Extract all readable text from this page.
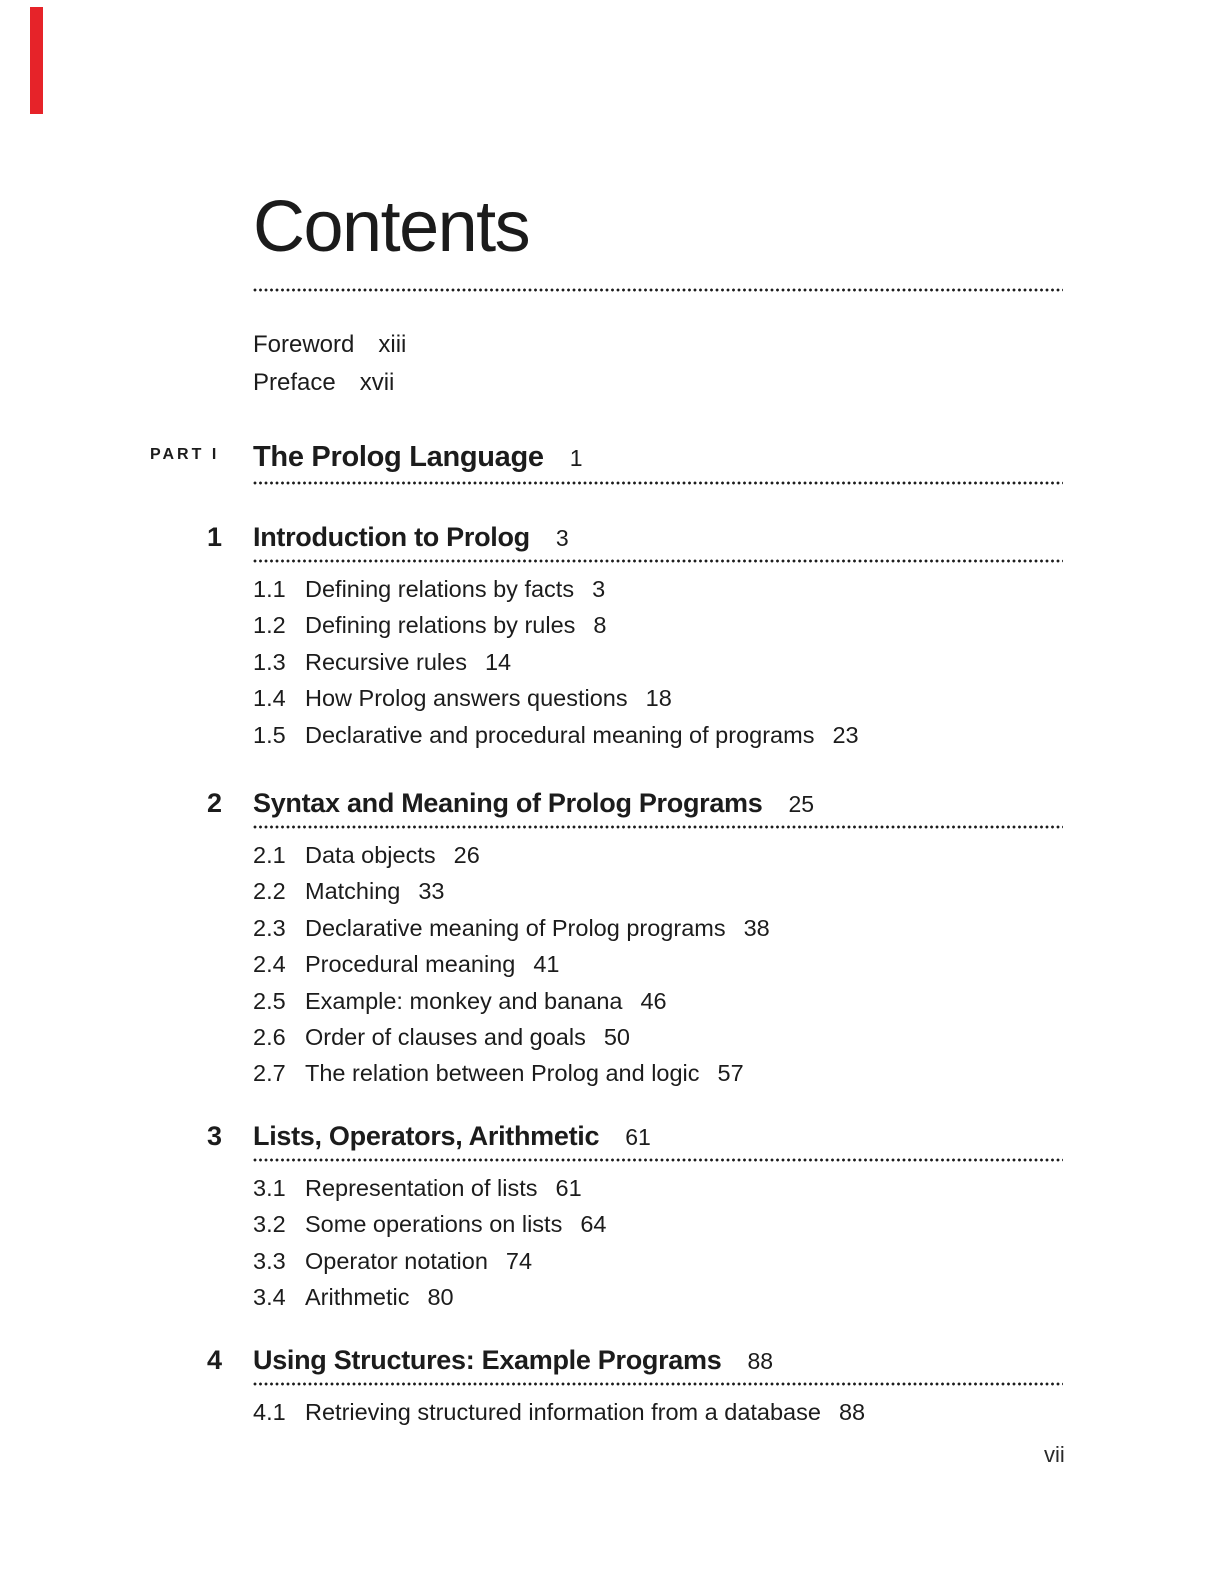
Contents
Foreword xiii
Preface xvii
PART I The Prolog Language 1
1 Introduction to Prolog 3
1.1 Defining relations by facts 3
1.2 Defining relations by rules 8
1.3 Recursive rules 14
1.4 How Prolog answers questions 18
1.5 Declarative and procedural meaning of programs 23
2 Syntax and Meaning of Prolog Programs 25
2.1 Data objects 26
2.2 Matching 33
2.3 Declarative meaning of Prolog programs 38
2.4 Procedural meaning 41
2.5 Example: monkey and banana 46
2.6 Order of clauses and goals 50
2.7 The relation between Prolog and logic 57
3 Lists, Operators, Arithmetic 61
3.1 Representation of lists 61
3.2 Some operations on lists 64
3.3 Operator notation 74
3.4 Arithmetic 80
4 Using Structures: Example Programs 88
4.1 Retrieving structured information from a database 88
vii
